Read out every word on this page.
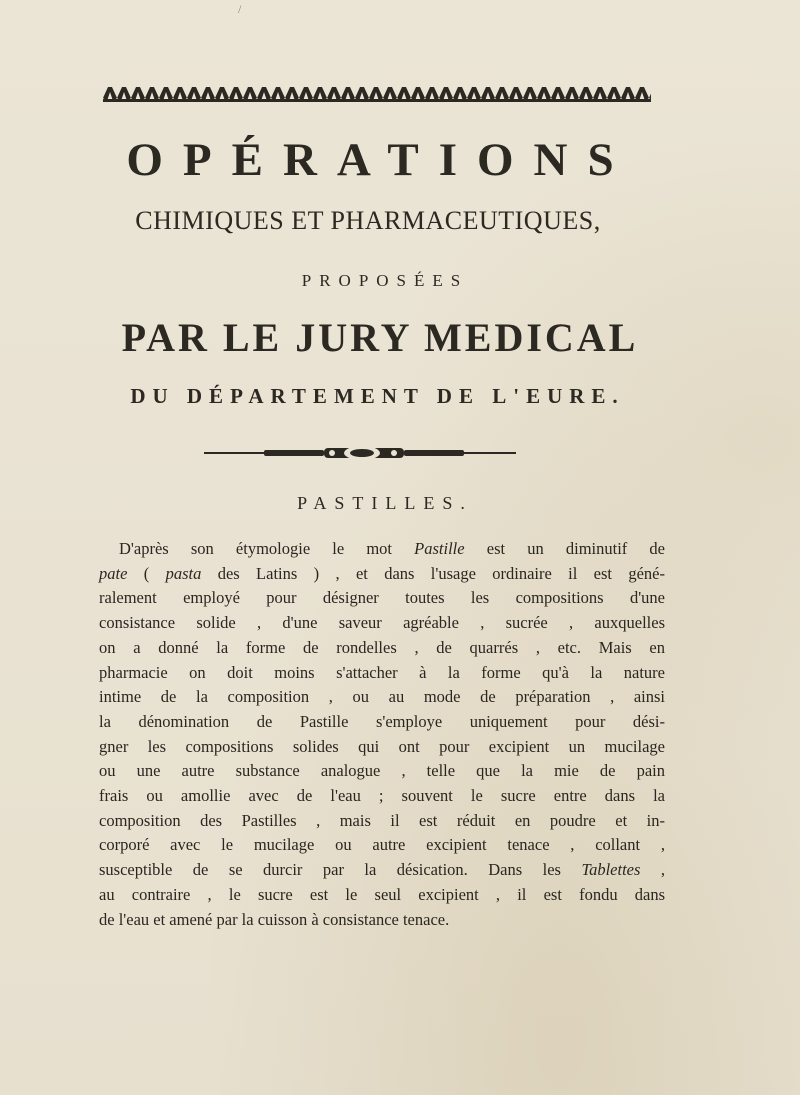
OPÉRATIONS
CHIMIQUES ET PHARMACEUTIQUES,
PROPOSÉES
PAR LE JURY MEDICAL
DU DÉPARTEMENT DE L'EURE.
PASTILLES.
D'après son étymologie le mot Pastille est un diminutif de
pate ( pasta des Latins ) , et dans l'usage ordinaire il est géné-
ralement employé pour désigner toutes les compositions d'une
consistance solide , d'une saveur agréable , sucrée , auxquelles
on a donné la forme de rondelles , de quarrés , etc. Mais en
pharmacie on doit moins s'attacher à la forme qu'à la nature
intime de la composition , ou au mode de préparation , ainsi
la dénomination de Pastille s'employe uniquement pour dési-
gner les compositions solides qui ont pour excipient un mucilage
ou une autre substance analogue , telle que la mie de pain
frais ou amollie avec de l'eau ; souvent le sucre entre dans la
composition des Pastilles , mais il est réduit en poudre et in-
corporé avec le mucilage ou autre excipient tenace , collant ,
susceptible de se durcir par la désication. Dans les Tablettes ,
au contraire , le sucre est le seul excipient , il est fondu dans
de l'eau et amené par la cuisson à consistance tenace.
/
